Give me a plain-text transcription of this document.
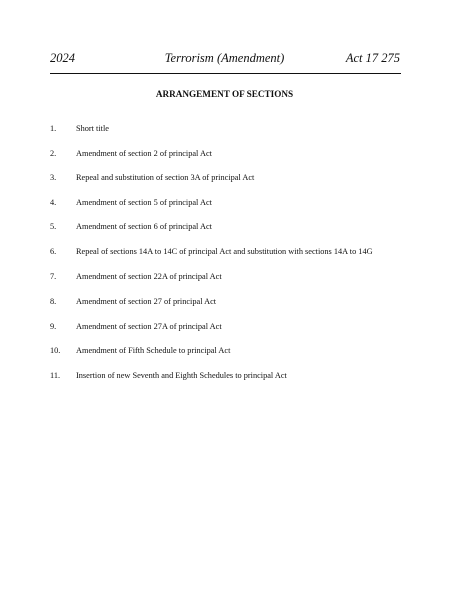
2024	Terrorism (Amendment)	Act 17 275
ARRANGEMENT OF SECTIONS
1. Short title
2. Amendment of section 2 of principal Act
3. Repeal and substitution of section 3A of principal Act
4. Amendment of section 5 of principal Act
5. Amendment of section 6 of principal Act
6. Repeal of sections 14A to 14C of principal Act and substitution with sections 14A to 14G
7. Amendment of section 22A of principal Act
8. Amendment of section 27 of principal Act
9. Amendment of section 27A of principal Act
10. Amendment of Fifth Schedule to principal Act
11. Insertion of new Seventh and Eighth Schedules to principal Act
